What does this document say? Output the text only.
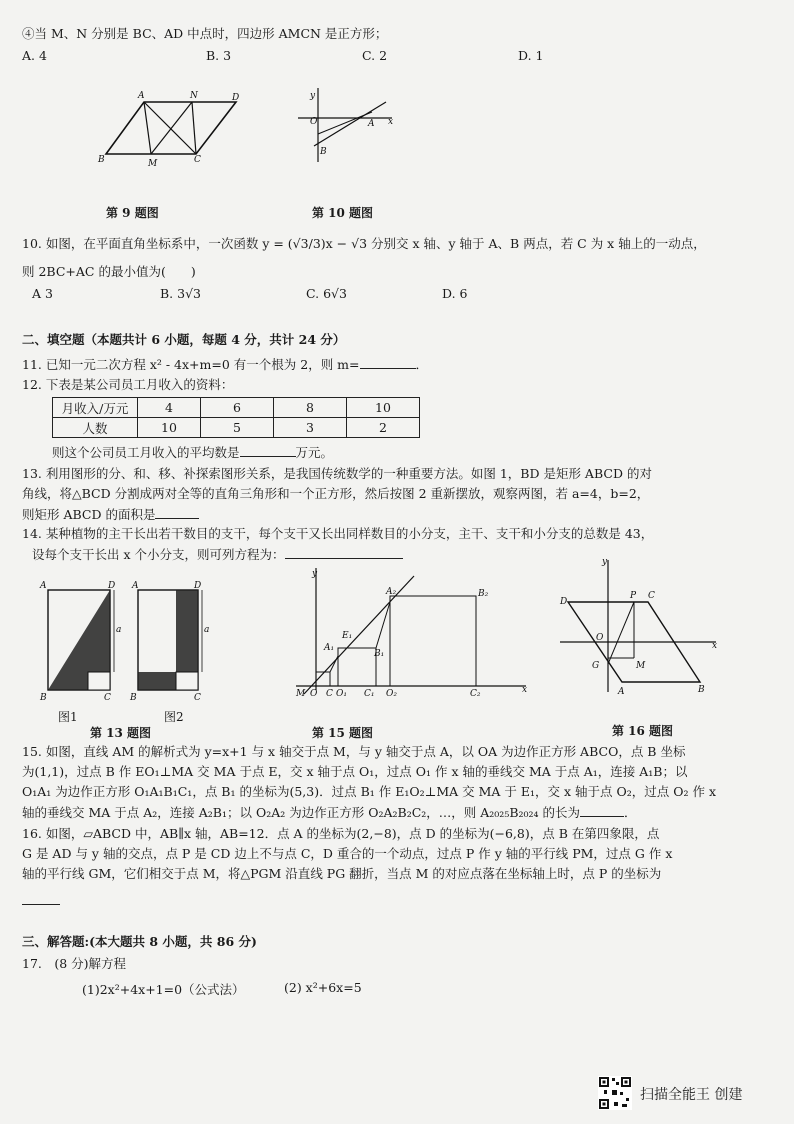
④当 M、N 分别是 BC、AD 中点时，四边形 AMCN 是正方形；
A. 4	B. 3	C. 2	D. 1
A	N	D
B	M	C
y
O	A
B
x
第 9 题图	第 10 题图
10. 如图，在平面直角坐标系中，一次函数 y = (√3/3)x − √3 分别交 x 轴、y 轴于 A、B 两点，若 C 为 x 轴上的一动点，
则 2BC+AC 的最小值为(　　)
A 3	B. 3√3	C. 6√3	D. 6
二、填空题（本题共计 6 小题，每题 4 分，共计 24 分）
11. 已知一元二次方程 x² - 4x+m=0 有一个根为 2，则 m=	．
12. 下表是某公司员工月收入的资料：
月收入/万元	4	6	8	10
人数	10	5	3	2
则这个公司员工月收入的平均数是	万元。
13. 利用图形的分、和、移、补探索图形关系，是我国传统数学的一种重要方法。如图 1，BD 是矩形 ABCD 的对
角线，将△BCD 分割成两对全等的直角三角形和一个正方形，然后按图 2 重新摆放，观察两图，若 a=4，b=2，
则矩形 ABCD 的面积是
14. 某种植物的主干长出若干数目的支干，每个支干又长出同样数目的小分支，主干、支干和小分支的总数是 43，
设每个支干长出 x 个小分支，则可列方程为：
a
A	D
B	C
a
A	D
B	C
图1	图2
y
M O C O₁ C₁ O₂	C₂	x
A₂	B₂
E₁
B₁
A₁
y
D
P C
O
x
G	M
B
A
第 15 题图	第 16 题图
第 13 题图
15. 如图，直线 AM 的解析式为 y=x+1 与 x 轴交于点 M，与 y 轴交于点 A，以 OA 为边作正方形 ABCO，点 B 坐标
为(1,1)，过点 B 作 EO₁⊥MA 交 MA 于点 E，交 x 轴于点 O₁，过点 O₁ 作 x 轴的垂线交 MA 于点 A₁，连接 A₁B；以
O₁A₁ 为边作正方形 O₁A₁B₁C₁，点 B₁ 的坐标为(5,3)．过点 B₁ 作 E₁O₂⊥MA 交 MA 于 E₁，交 x 轴于点 O₂，过点 O₂ 作 x
轴的垂线交 MA 于点 A₂，连接 A₂B₁；以 O₂A₂ 为边作正方形 O₂A₂B₂C₂，…，则 A₂₀₂₅B₂₀₂₄ 的长为	．
16. 如图，▱ABCD 中，AB∥x 轴，AB=12．点 A 的坐标为(2,−8)，点 D 的坐标为(−6,8)，点 B 在第四象限，点
G 是 AD 与 y 轴的交点，点 P 是 CD 边上不与点 C，D 重合的一个动点，过点 P 作 y 轴的平行线 PM，过点 G 作 x
轴的平行线 GM，它们相交于点 M，将△PGM 沿直线 PG 翻折，当点 M 的对应点落在坐标轴上时，点 P 的坐标为
三、解答题:(本大题共 8 小题，共 86 分)
17.　(8 分)解方程
(1)2x²+4x+1=0（公式法）	(2) x²+6x=5
扫描全能王 创建
